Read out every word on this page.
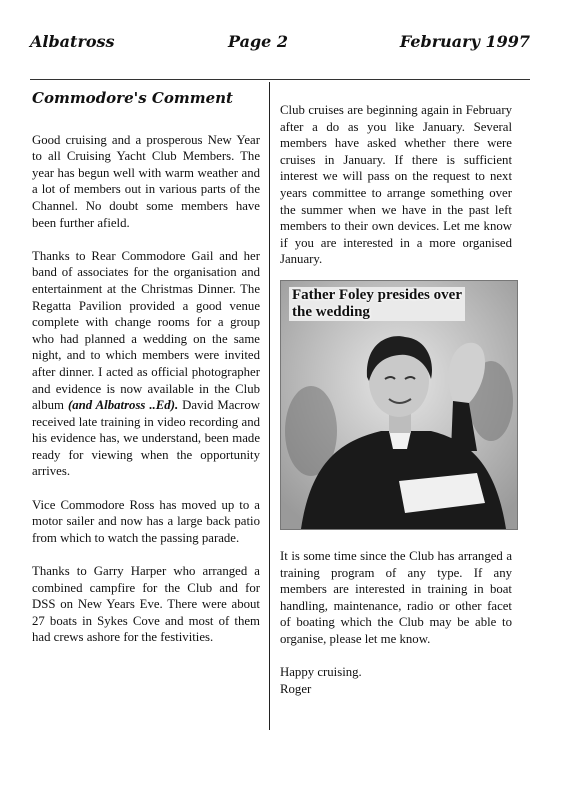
Albatross	Page 2	February 1997
Commodore's Comment

Good cruising and a prosperous New Year to all Cruising Yacht Club Members. The year has begun well with warm weather and a lot of members out in various parts of the Channel. No doubt some members have been further afield.

Thanks to Rear Commodore Gail and her band of associates for the organisation and entertainment at the Christmas Dinner. The Regatta Pavilion provided a good venue complete with change rooms for a group who had planned a wedding on the same night, and to which members were invited after dinner. I acted as official photographer and evidence is now available in the Club album (and Albatross ..Ed). David Macrow received late training in video recording and his evidence has, we understand, been made ready for viewing when the opportunity arrives.

Vice Commodore Ross has moved up to a motor sailer and now has a large back patio from which to watch the passing parade.

Thanks to Garry Harper who arranged a combined campfire for the Club and for DSS on New Years Eve. There were about 27 boats in Sykes Cove and most of them had crews ashore for the festivities.

Club cruises are beginning again in February after a do as you like January. Several members have asked whether there were cruises in January. If there is sufficient interest we will pass on the request to next years committee to arrange something over the summer when we have in the past left members to their own devices. Let me know if you are interested in a more organised January.

Father Foley presides over the wedding

It is some time since the Club has arranged a training program of any type. If any members are interested in training in boat handling, maintenance, radio or other facet of boating which the Club may be able to organise, please let me know.

Happy cruising.

Roger
